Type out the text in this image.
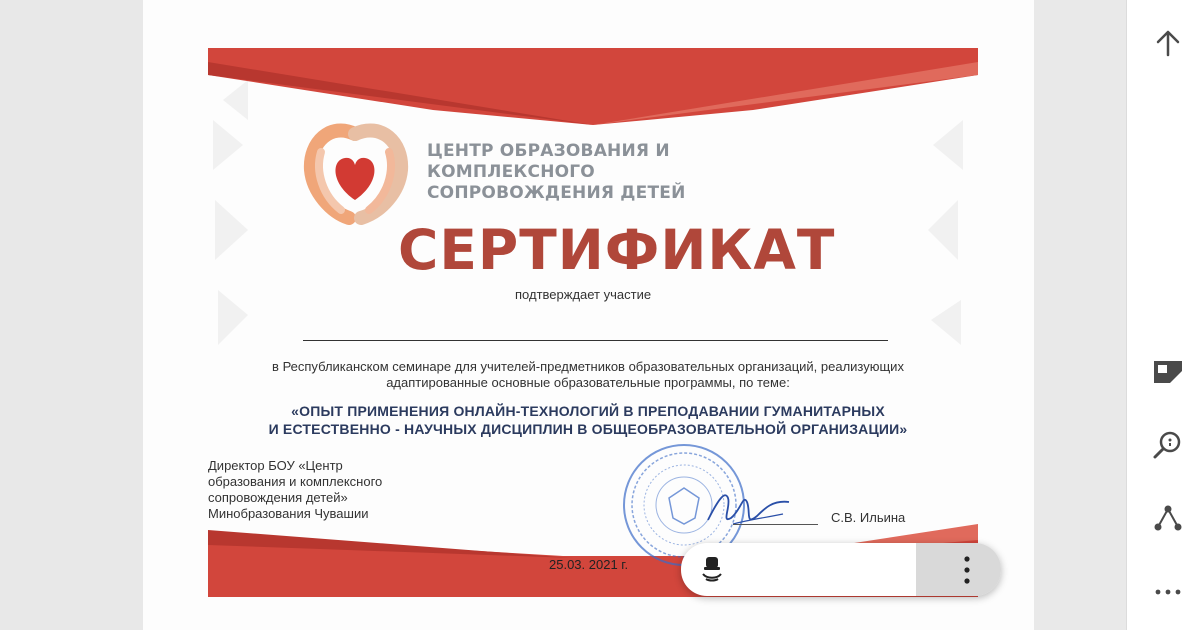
ЦЕНТР ОБРАЗОВАНИЯ И
КОМПЛЕКСНОГО
СОПРОВОЖДЕНИЯ ДЕТЕЙ
СЕРТИФИКАТ
подтверждает участие
в Республиканском семинаре для учителей-предметников образовательных организаций, реализующих
адаптированные основные образовательные программы, по теме:
«ОПЫТ ПРИМЕНЕНИЯ ОНЛАЙН-ТЕХНОЛОГИЙ В ПРЕПОДАВАНИИ ГУМАНИТАРНЫХ
И ЕСТЕСТВЕННО - НАУЧНЫХ ДИСЦИПЛИН В ОБЩЕОБРАЗОВАТЕЛЬНОЙ ОРГАНИЗАЦИИ»
Директор БОУ «Центр
образования и комплексного
сопровождения детей»
Минобразования Чувашии	С.В. Ильина
25.03. 2021 г.
